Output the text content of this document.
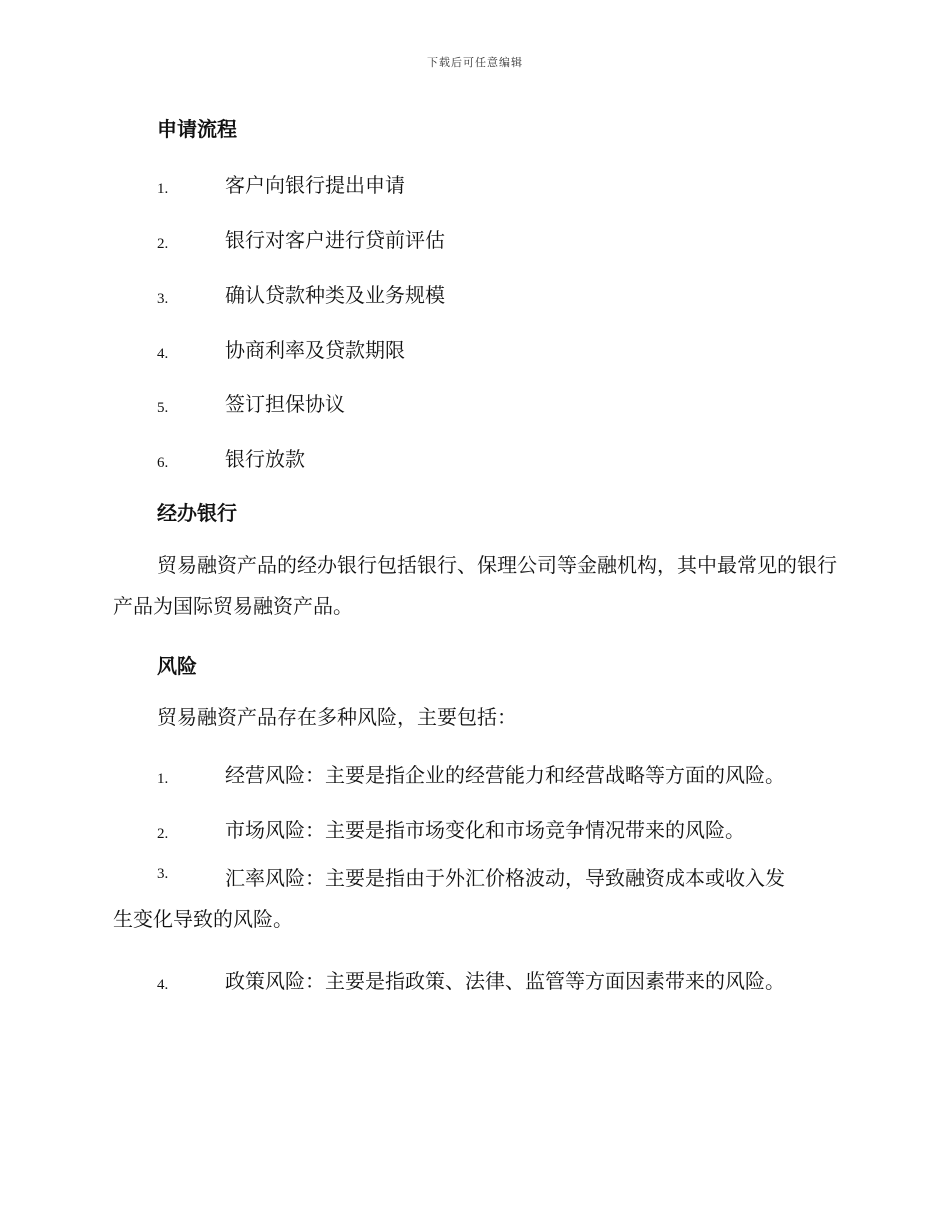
下载后可任意编辑
申请流程
1.	客户向银行提出申请
2.	银行对客户进行贷前评估
3.	确认贷款种类及业务规模
4.	协商利率及贷款期限
5.	签订担保协议
6.	银行放款
经办银行
贸易融资产品的经办银行包括银行、保理公司等金融机构，其中最常见的银行产品为国际贸易融资产品。
风险
贸易融资产品存在多种风险，主要包括：
1.	经营风险：主要是指企业的经营能力和经营战略等方面的风险。
2.	市场风险：主要是指市场变化和市场竞争情况带来的风险。
3.	汇率风险：主要是指由于外汇价格波动，导致融资成本或收入发
生变化导致的风险。
4.	政策风险：主要是指政策、法律、监管等方面因素带来的风险。
